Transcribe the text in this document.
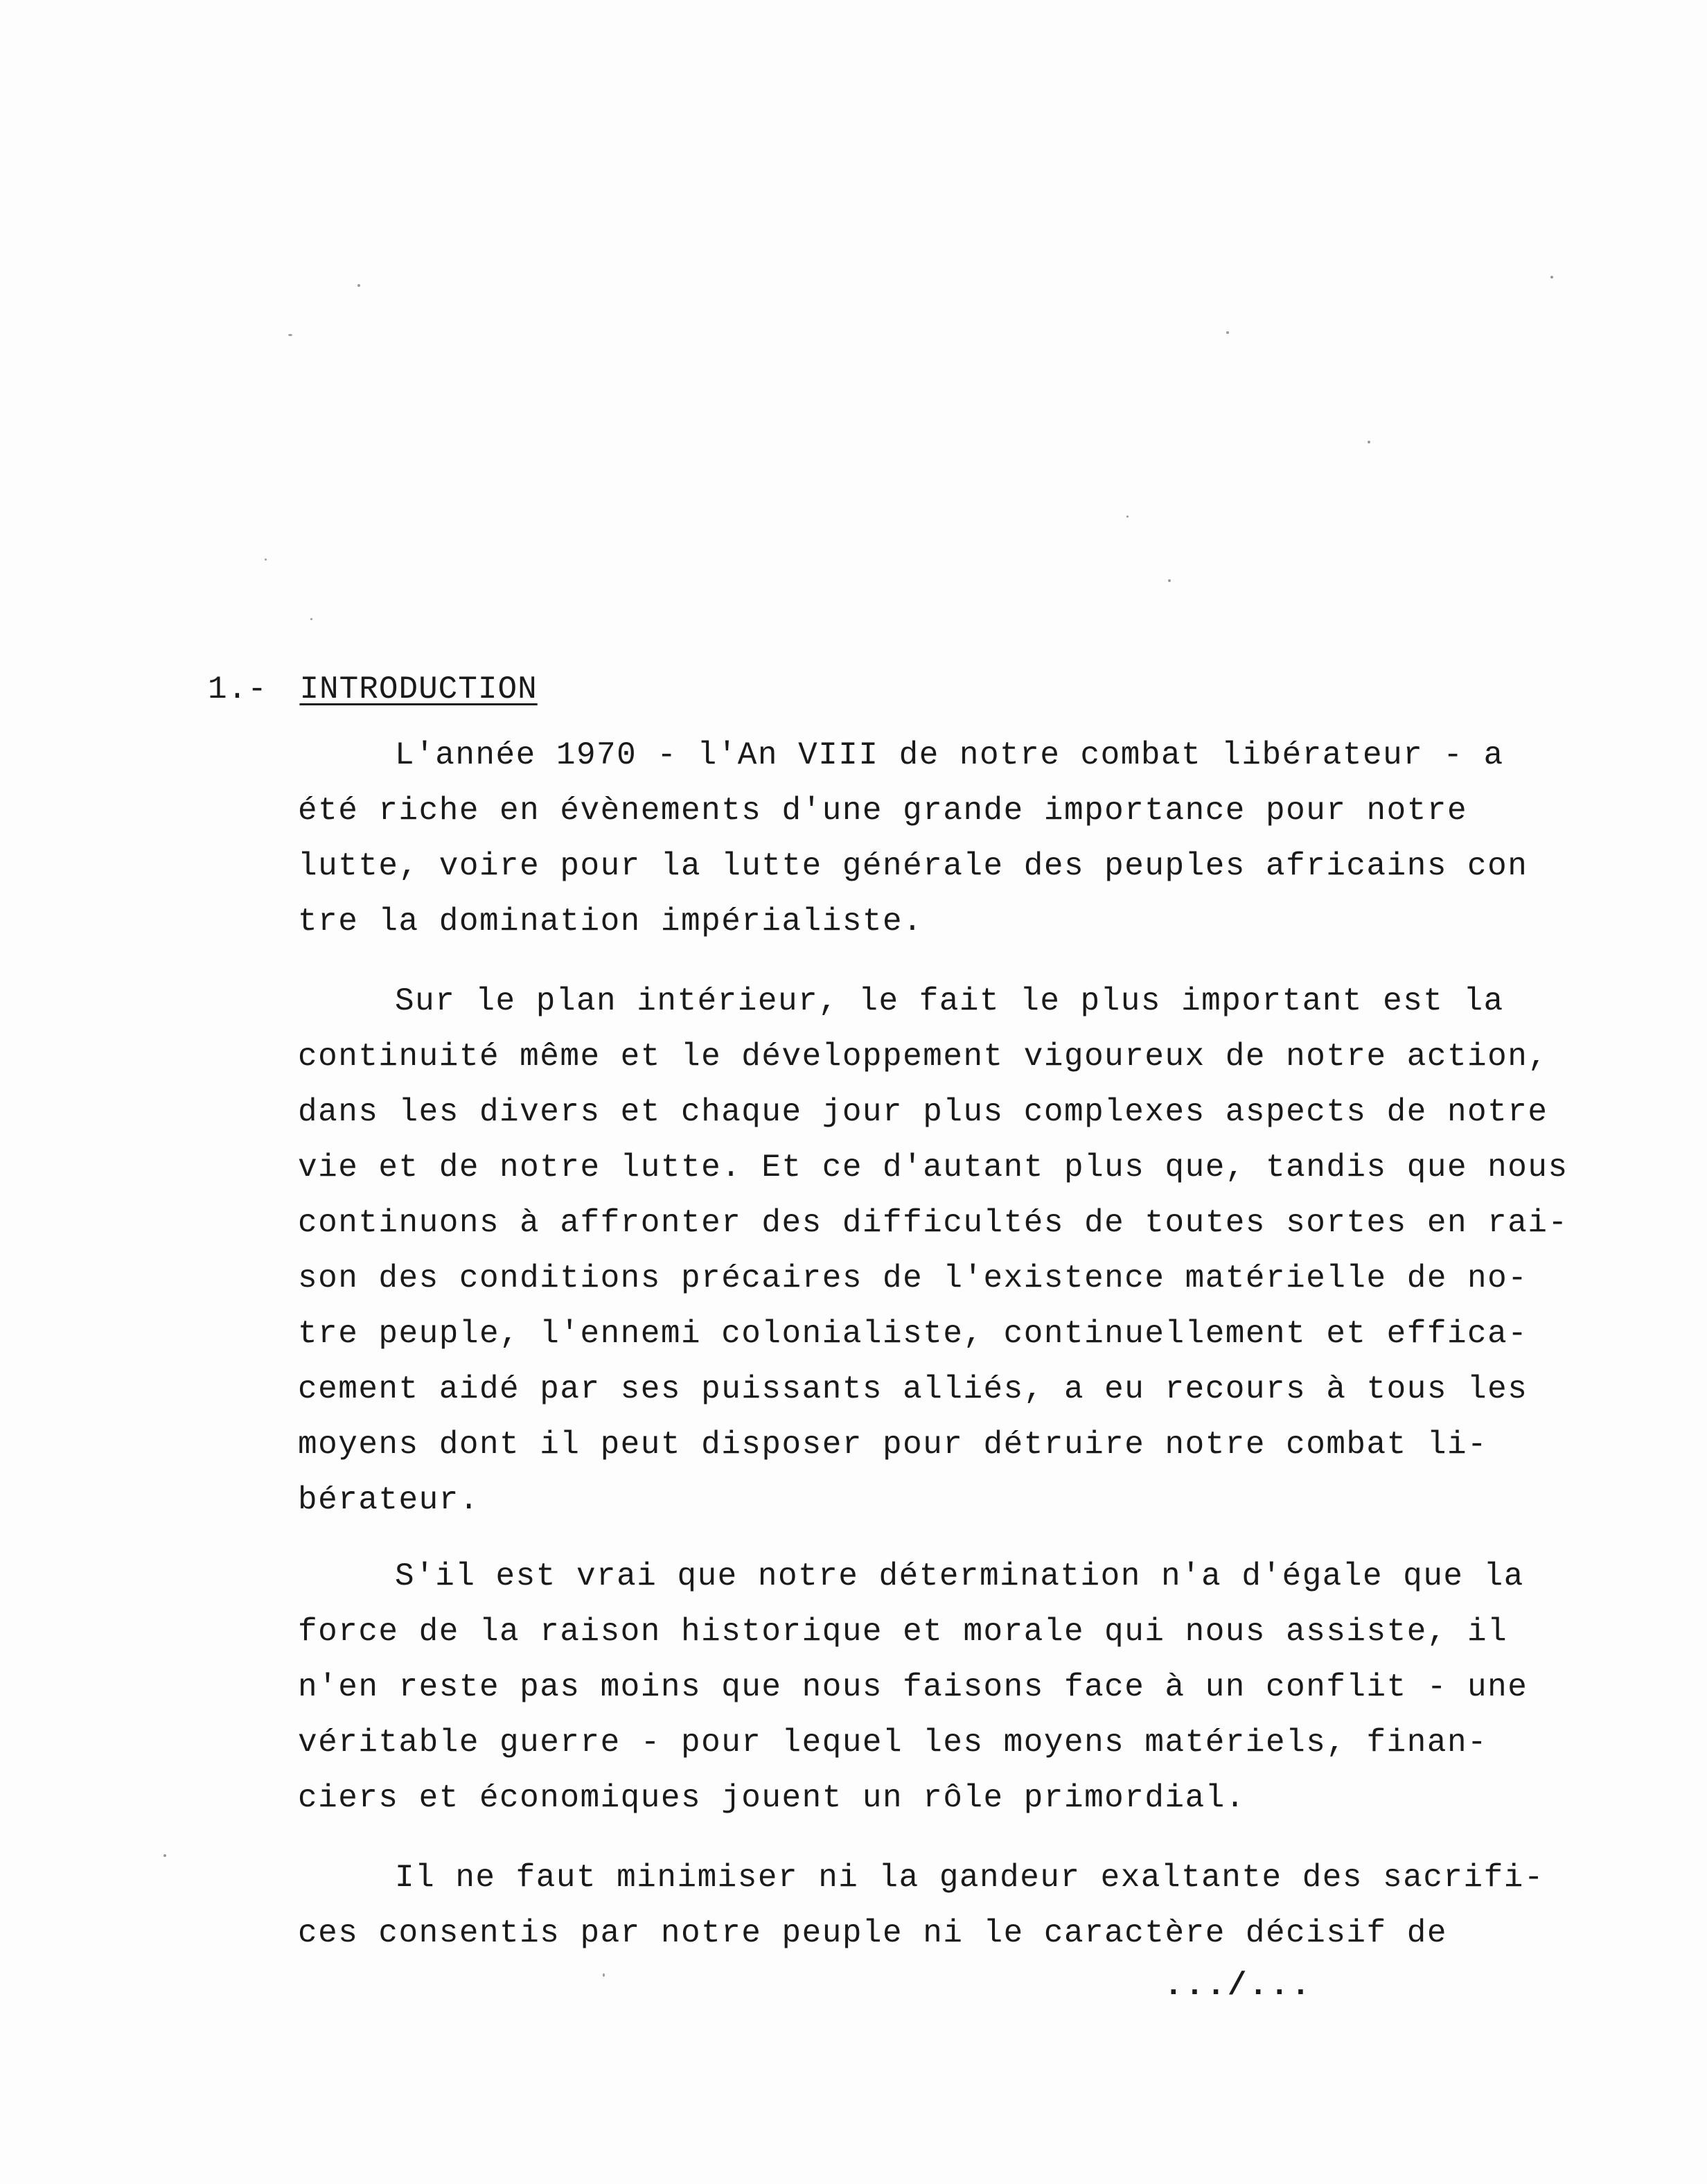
1.- INTRODUCTION
L'année 1970 - l'An VIII de notre combat libérateur - a
été riche en évènements d'une grande importance pour notre
lutte, voire pour la lutte générale des peuples africains con
tre la domination impérialiste.
Sur le plan intérieur, le fait le plus important est la
continuité même et le développement vigoureux de notre action,
dans les divers et chaque jour plus complexes aspects de notre
vie et de notre lutte. Et ce d'autant plus que, tandis que nous
continuons à affronter des difficultés de toutes sortes en rai-
son des conditions précaires de l'existence matérielle de no-
tre peuple, l'ennemi colonialiste, continuellement et effica-
cement aidé par ses puissants alliés, a eu recours à tous les
moyens dont il peut disposer pour détruire notre combat li-
bérateur.
S'il est vrai que notre détermination n'a d'égale que la
force de la raison historique et morale qui nous assiste, il
n'en reste pas moins que nous faisons face à un conflit - une
véritable guerre - pour lequel les moyens matériels, finan-
ciers et économiques jouent un rôle primordial.
Il ne faut minimiser ni la gandeur exaltante des sacrifi-
ces consentis par notre peuple ni le caractère décisif de
.../...
